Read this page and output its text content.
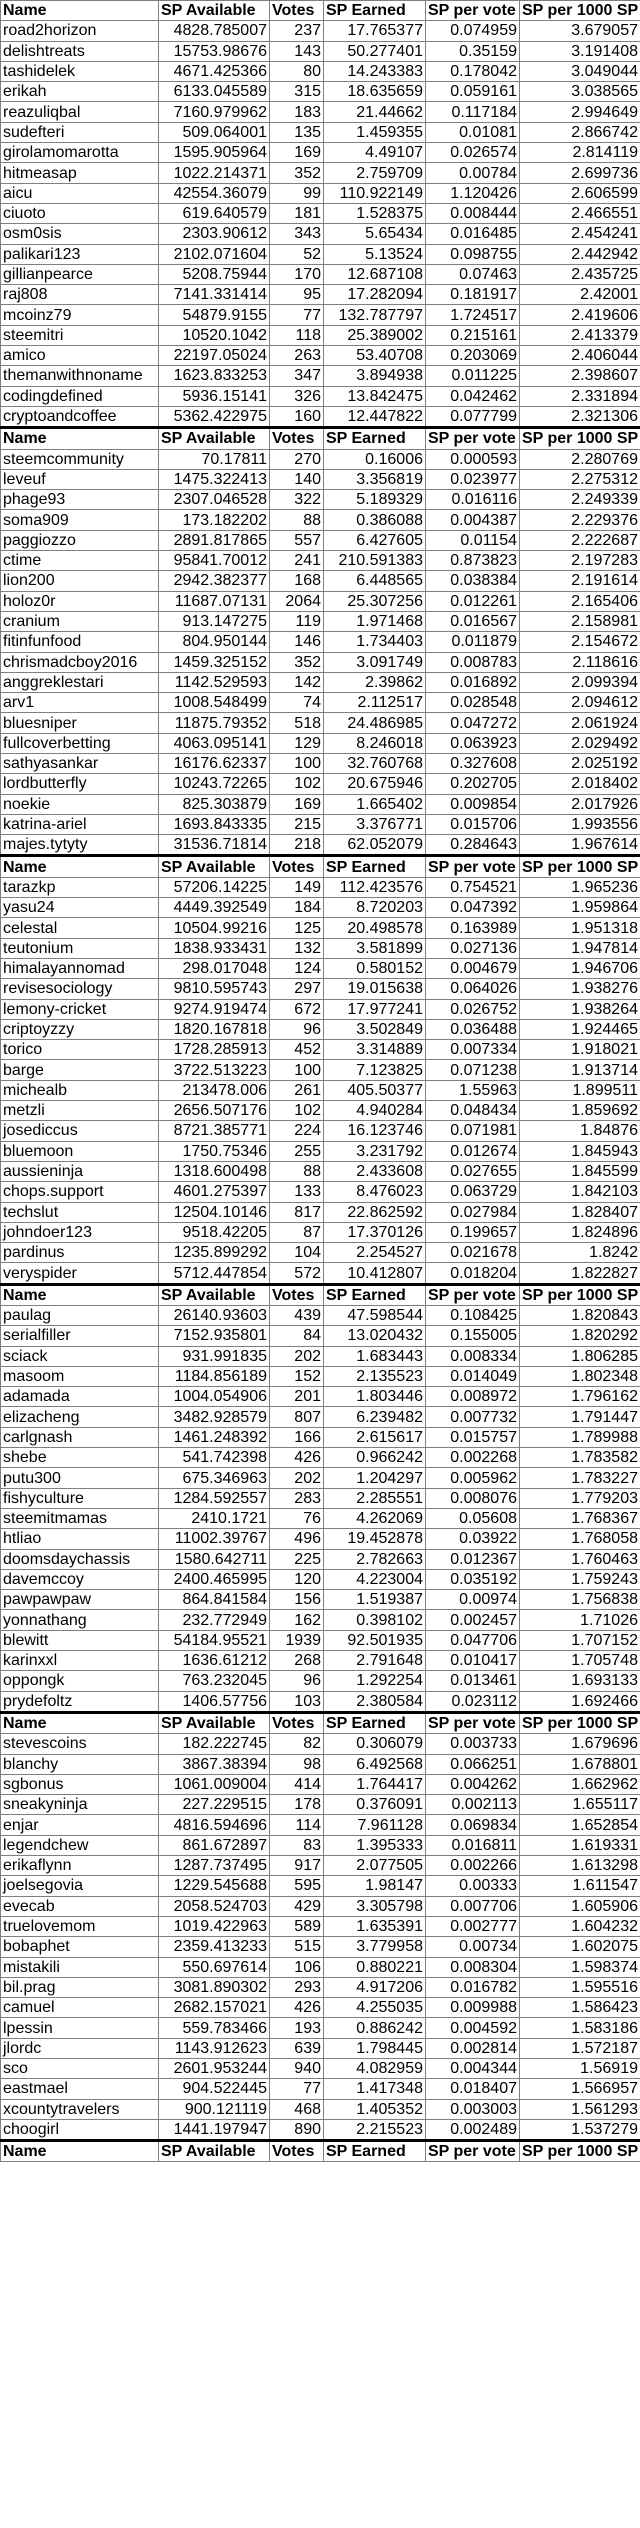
Name	SP Available	Votes	SP Earned	SP per vote	SP per 1000 SP
road2horizon	4828.785007	237	17.765377	0.074959	3.679057
delishtreats	15753.98676	143	50.277401	0.35159	3.191408
tashidelek	4671.425366	80	14.243383	0.178042	3.049044
erikah	6133.045589	315	18.635659	0.059161	3.038565
reazuliqbal	7160.979962	183	21.44662	0.117184	2.994649
sudefteri	509.064001	135	1.459355	0.01081	2.866742
girolamomarotta	1595.905964	169	4.49107	0.026574	2.814119
hitmeasap	1022.214371	352	2.759709	0.00784	2.699736
aicu	42554.36079	99	110.922149	1.120426	2.606599
ciuoto	619.640579	181	1.528375	0.008444	2.466551
osm0sis	2303.90612	343	5.65434	0.016485	2.454241
palikari123	2102.071604	52	5.13524	0.098755	2.442942
gillianpearce	5208.75944	170	12.687108	0.07463	2.435725
raj808	7141.331414	95	17.282094	0.181917	2.42001
mcoinz79	54879.9155	77	132.787797	1.724517	2.419606
steemitri	10520.1042	118	25.389002	0.215161	2.413379
amico	22197.05024	263	53.40708	0.203069	2.406044
themanwithnoname	1623.833253	347	3.894938	0.011225	2.398607
codingdefined	5936.15141	326	13.842475	0.042462	2.331894
cryptoandcoffee	5362.422975	160	12.447822	0.077799	2.321306
Name	SP Available	Votes	SP Earned	SP per vote	SP per 1000 SP
steemcommunity	70.17811	270	0.16006	0.000593	2.280769
leveuf	1475.322413	140	3.356819	0.023977	2.275312
phage93	2307.046528	322	5.189329	0.016116	2.249339
soma909	173.182202	88	0.386088	0.004387	2.229376
paggiozzo	2891.817865	557	6.427605	0.01154	2.222687
ctime	95841.70012	241	210.591383	0.873823	2.197283
lion200	2942.382377	168	6.448565	0.038384	2.191614
holoz0r	11687.07131	2064	25.307256	0.012261	2.165406
cranium	913.147275	119	1.971468	0.016567	2.158981
fitinfunfood	804.950144	146	1.734403	0.011879	2.154672
chrismadcboy2016	1459.325152	352	3.091749	0.008783	2.118616
anggreklestari	1142.529593	142	2.39862	0.016892	2.099394
arv1	1008.548499	74	2.112517	0.028548	2.094612
bluesniper	11875.79352	518	24.486985	0.047272	2.061924
fullcoverbetting	4063.095141	129	8.246018	0.063923	2.029492
sathyasankar	16176.62337	100	32.760768	0.327608	2.025192
lordbutterfly	10243.72265	102	20.675946	0.202705	2.018402
noekie	825.303879	169	1.665402	0.009854	2.017926
katrina-ariel	1693.843335	215	3.376771	0.015706	1.993556
majes.tytyty	31536.71814	218	62.052079	0.284643	1.967614
Name	SP Available	Votes	SP Earned	SP per vote	SP per 1000 SP
tarazkp	57206.14225	149	112.423576	0.754521	1.965236
yasu24	4449.392549	184	8.720203	0.047392	1.959864
celestal	10504.99216	125	20.498578	0.163989	1.951318
teutonium	1838.933431	132	3.581899	0.027136	1.947814
himalayannomad	298.017048	124	0.580152	0.004679	1.946706
revisesociology	9810.595743	297	19.015638	0.064026	1.938276
lemony-cricket	9274.919474	672	17.977241	0.026752	1.938264
criptoyzzy	1820.167818	96	3.502849	0.036488	1.924465
torico	1728.285913	452	3.314889	0.007334	1.918021
barge	3722.513223	100	7.123825	0.071238	1.913714
michealb	213478.006	261	405.50377	1.55963	1.899511
metzli	2656.507176	102	4.940284	0.048434	1.859692
josediccus	8721.385771	224	16.123746	0.071981	1.84876
bluemoon	1750.75346	255	3.231792	0.012674	1.845943
aussieninja	1318.600498	88	2.433608	0.027655	1.845599
chops.support	4601.275397	133	8.476023	0.063729	1.842103
techslut	12504.10146	817	22.862592	0.027984	1.828407
johndoer123	9518.42205	87	17.370126	0.199657	1.824896
pardinus	1235.899292	104	2.254527	0.021678	1.8242
veryspider	5712.447854	572	10.412807	0.018204	1.822827
Name	SP Available	Votes	SP Earned	SP per vote	SP per 1000 SP
paulag	26140.93603	439	47.598544	0.108425	1.820843
serialfiller	7152.935801	84	13.020432	0.155005	1.820292
sciack	931.991835	202	1.683443	0.008334	1.806285
masoom	1184.856189	152	2.135523	0.014049	1.802348
adamada	1004.054906	201	1.803446	0.008972	1.796162
elizacheng	3482.928579	807	6.239482	0.007732	1.791447
carlgnash	1461.248392	166	2.615617	0.015757	1.789988
shebe	541.742398	426	0.966242	0.002268	1.783582
putu300	675.346963	202	1.204297	0.005962	1.783227
fishyculture	1284.592557	283	2.285551	0.008076	1.779203
steemitmamas	2410.1721	76	4.262069	0.05608	1.768367
htliao	11002.39767	496	19.452878	0.03922	1.768058
doomsdaychassis	1580.642711	225	2.782663	0.012367	1.760463
davemccoy	2400.465995	120	4.223004	0.035192	1.759243
pawpawpaw	864.841584	156	1.519387	0.00974	1.756838
yonnathang	232.772949	162	0.398102	0.002457	1.71026
blewitt	54184.95521	1939	92.501935	0.047706	1.707152
karinxxl	1636.61212	268	2.791648	0.010417	1.705748
oppongk	763.232045	96	1.292254	0.013461	1.693133
prydefoltz	1406.57756	103	2.380584	0.023112	1.692466
Name	SP Available	Votes	SP Earned	SP per vote	SP per 1000 SP
stevescoins	182.222745	82	0.306079	0.003733	1.679696
blanchy	3867.38394	98	6.492568	0.066251	1.678801
sgbonus	1061.009004	414	1.764417	0.004262	1.662962
sneakyninja	227.229515	178	0.376091	0.002113	1.655117
enjar	4816.594696	114	7.961128	0.069834	1.652854
legendchew	861.672897	83	1.395333	0.016811	1.619331
erikaflynn	1287.737495	917	2.077505	0.002266	1.613298
joelsegovia	1229.545688	595	1.98147	0.00333	1.611547
evecab	2058.524703	429	3.305798	0.007706	1.605906
truelovemom	1019.422963	589	1.635391	0.002777	1.604232
bobaphet	2359.413233	515	3.779958	0.00734	1.602075
mistakili	550.697614	106	0.880221	0.008304	1.598374
bil.prag	3081.890302	293	4.917206	0.016782	1.595516
camuel	2682.157021	426	4.255035	0.009988	1.586423
lpessin	559.783466	193	0.886242	0.004592	1.583186
jlordc	1143.912623	639	1.798445	0.002814	1.572187
sco	2601.953244	940	4.082959	0.004344	1.56919
eastmael	904.522445	77	1.417348	0.018407	1.566957
xcountytravelers	900.121119	468	1.405352	0.003003	1.561293
choogirl	1441.197947	890	2.215523	0.002489	1.537279
Name	SP Available	Votes	SP Earned	SP per vote	SP per 1000 SP
